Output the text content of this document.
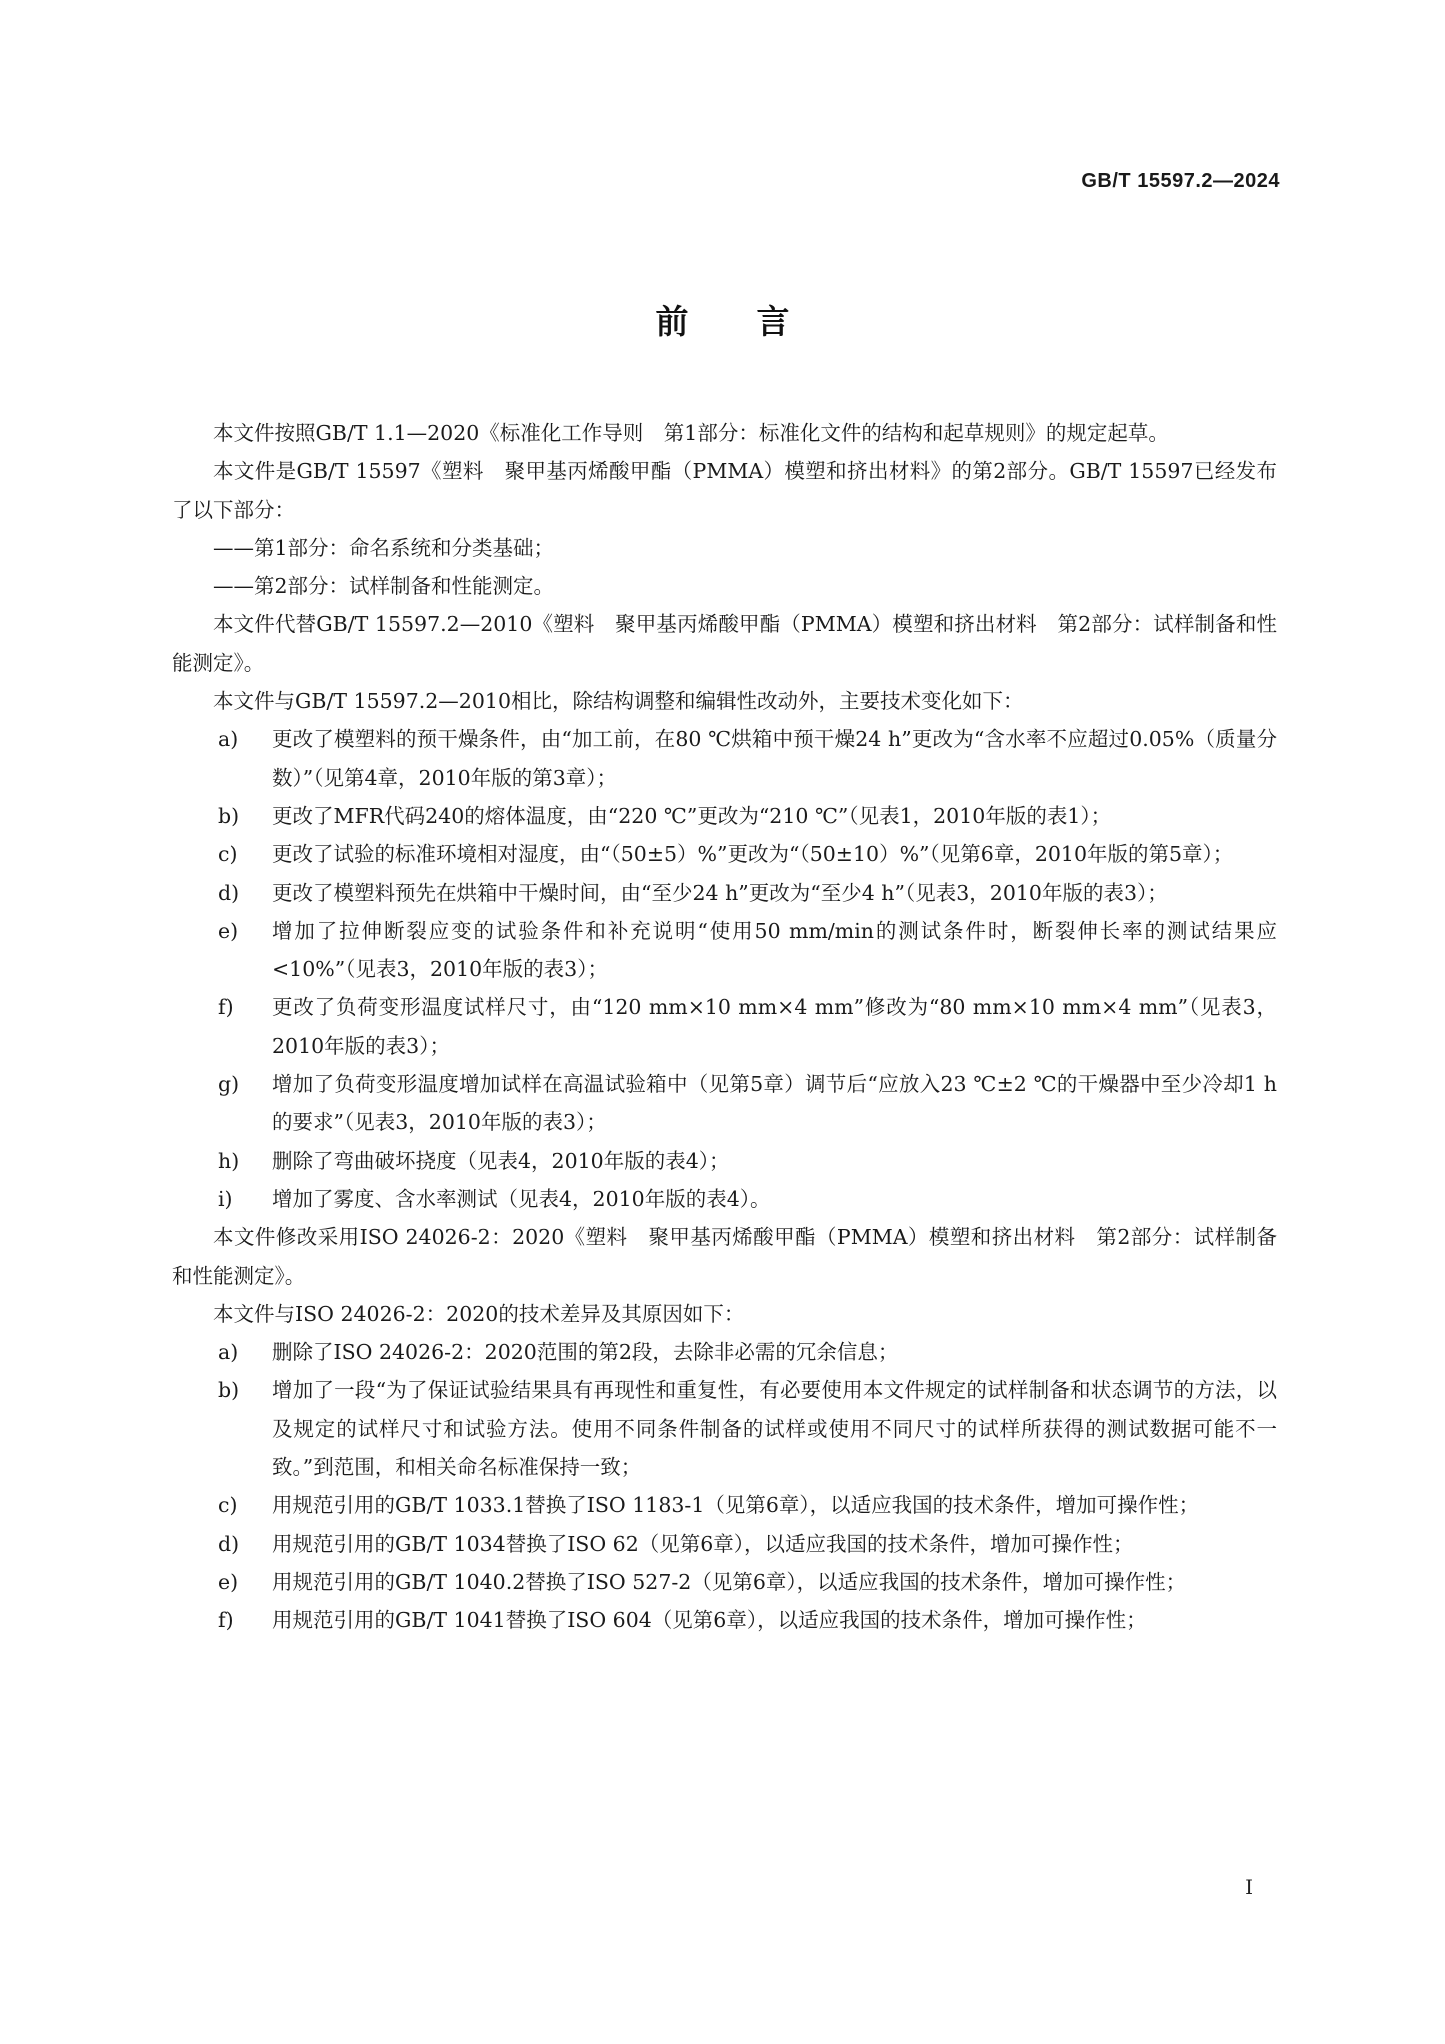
GB/T 15597.2—2024
前言

本文件按照GB/T 1.1—2020《标准化工作导则　第1部分：标准化文件的结构和起草规则》的规定起草。

本文件是GB/T 15597《塑料　聚甲基丙烯酸甲酯（PMMA）模塑和挤出材料》的第2部分。GB/T 15597已经发布了以下部分：

——第1部分：命名系统和分类基础；

——第2部分：试样制备和性能测定。

本文件代替GB/T 15597.2—2010《塑料　聚甲基丙烯酸甲酯（PMMA）模塑和挤出材料　第2部分：试样制备和性能测定》。

本文件与GB/T 15597.2—2010相比，除结构调整和编辑性改动外，主要技术变化如下：

a) 更改了模塑料的预干燥条件，由“加工前，在80 ℃烘箱中预干燥24 h”更改为“含水率不应超过0.05%（质量分数）”（见第4章，2010年版的第3章）；

b) 更改了MFR代码240的熔体温度，由“220 ℃”更改为“210 ℃”（见表1，2010年版的表1）；

c) 更改了试验的标准环境相对湿度，由“（50±5）%”更改为“（50±10）%”（见第6章，2010年版的第5章）；

d) 更改了模塑料预先在烘箱中干燥时间，由“至少24 h”更改为“至少4 h”（见表3，2010年版的表3）；

e) 增加了拉伸断裂应变的试验条件和补充说明“使用50 mm/min的测试条件时，断裂伸长率的测试结果应<10%”（见表3，2010年版的表3）；

f) 更改了负荷变形温度试样尺寸，由“120 mm×10 mm×4 mm”修改为“80 mm×10 mm×4 mm”（见表3，2010年版的表3）；

g) 增加了负荷变形温度增加试样在高温试验箱中（见第5章）调节后“应放入23 ℃±2 ℃的干燥器中至少冷却1 h的要求”（见表3，2010年版的表3）；

h) 删除了弯曲破坏挠度（见表4，2010年版的表4）；

i) 增加了雾度、含水率测试（见表4，2010年版的表4）。

本文件修改采用ISO 24026-2：2020《塑料　聚甲基丙烯酸甲酯（PMMA）模塑和挤出材料　第2部分：试样制备和性能测定》。

本文件与ISO 24026-2：2020的技术差异及其原因如下：

a) 删除了ISO 24026-2：2020范围的第2段，去除非必需的冗余信息；

b) 增加了一段“为了保证试验结果具有再现性和重复性，有必要使用本文件规定的试样制备和状态调节的方法，以及规定的试样尺寸和试验方法。使用不同条件制备的试样或使用不同尺寸的试样所获得的测试数据可能不一致。”到范围，和相关命名标准保持一致；

c) 用规范引用的GB/T 1033.1替换了ISO 1183-1（见第6章），以适应我国的技术条件，增加可操作性；

d) 用规范引用的GB/T 1034替换了ISO 62（见第6章），以适应我国的技术条件，增加可操作性；

e) 用规范引用的GB/T 1040.2替换了ISO 527-2（见第6章），以适应我国的技术条件，增加可操作性；

f) 用规范引用的GB/T 1041替换了ISO 604（见第6章），以适应我国的技术条件，增加可操作性；

I
